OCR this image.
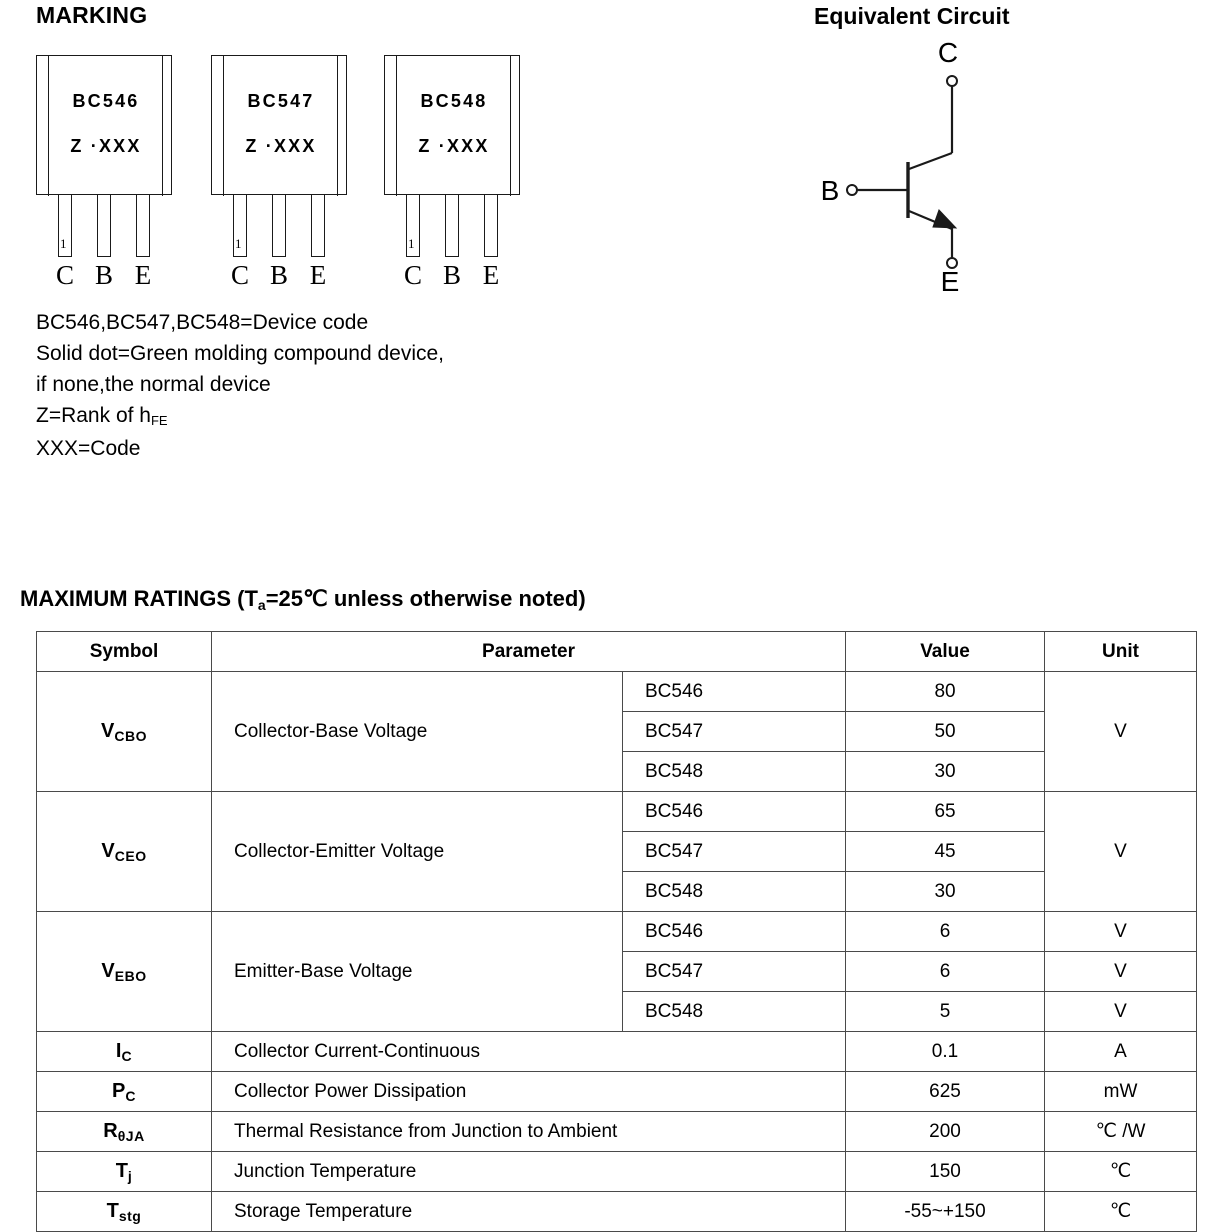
MARKING
BC546
Z ·XXX
1
C B E
BC547
Z ·XXX
1
C B E
BC548
Z ·XXX
1
C B E
BC546,BC547,BC548=Device code
Solid dot=Green molding compound device,
if none,the normal device
Z=Rank of $h_{FE}$
XXX=Code
Equivalent Circuit
C
B
E
MAXIMUM RATINGS ($T_a=25℃$ unless otherwise noted)
Symbol	Parameter		Value	Unit
$V_{CBO}$	Collector-Base Voltage	BC546	80	V
		BC547	50	
		BC548	30	
$V_{CEO}$	Collector-Emitter Voltage	BC546	65	V
		BC547	45	
		BC548	30	
$V_{EBO}$	Emitter-Base Voltage	BC546	6	V
		BC547	6	V
		BC548	5	V
$I_C$	Collector Current-Continuous		0.1	A
$P_C$	Collector Power Dissipation		625	mW
$R_{\theta JA}$	Thermal Resistance from Junction to Ambient		200	℃ /W
$T_j$	Junction Temperature		150	℃
$T_{stg}$	Storage Temperature		-55~+150	℃
